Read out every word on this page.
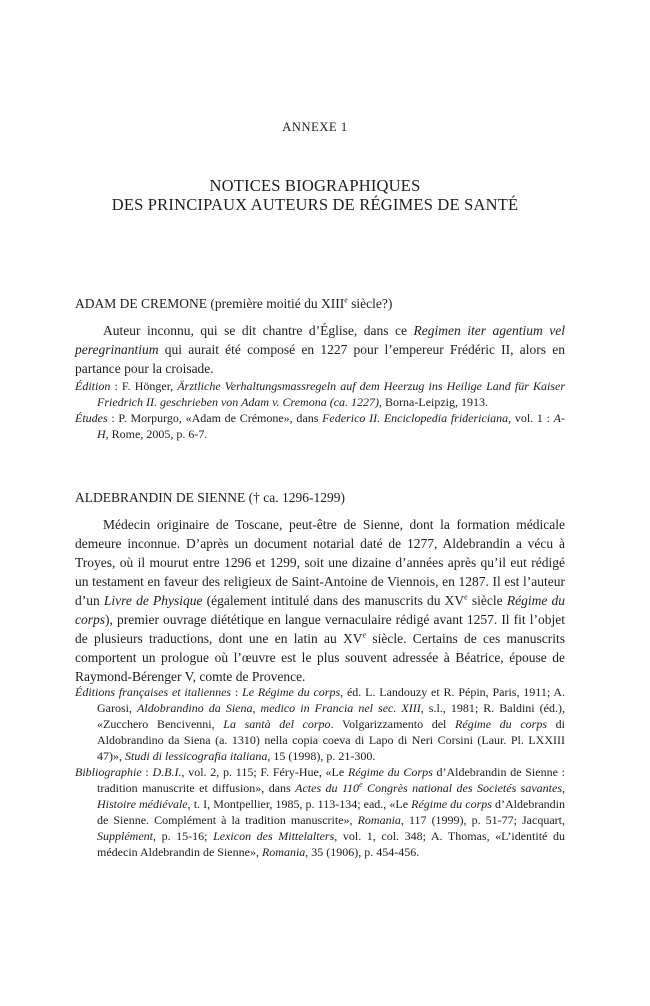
ANNEXE 1
NOTICES BIOGRAPHIQUES
DES PRINCIPAUX AUTEURS DE RÉGIMES DE SANTÉ
ADAM DE CREMONE (première moitié du XIIIe siècle?)

Auteur inconnu, qui se dit chantre d’Église, dans ce Regimen iter agentium vel peregrinantium qui aurait été composé en 1227 pour l’empereur Frédéric II, alors en partance pour la croisade.

Édition : F. Hönger, Ärztliche Verhaltungsmassregeln auf dem Heerzug ins Heilige Land für Kaiser Friedrich II. geschrieben von Adam v. Cremona (ca. 1227), Borna-Leipzig, 1913.

Études : P. Morpurgo, «Adam de Crémone», dans Federico II. Enciclopedia fridericiana, vol. 1 : A-H, Rome, 2005, p. 6-7.

ALDEBRANDIN DE SIENNE († ca. 1296-1299)

Médecin originaire de Toscane, peut-être de Sienne, dont la formation médicale demeure inconnue. D’après un document notarial daté de 1277, Aldebrandin a vécu à Troyes, où il mourut entre 1296 et 1299, soit une dizaine d’années après qu’il eut rédigé un testament en faveur des religieux de Saint-Antoine de Viennois, en 1287. Il est l’auteur d’un Livre de Physique (également intitulé dans des manuscrits du XVe siècle Régime du corps), premier ouvrage diététique en langue vernaculaire rédigé avant 1257. Il fit l’objet de plusieurs traductions, dont une en latin au XVe siècle. Certains de ces manuscrits comportent un prologue où l’œuvre est le plus souvent adressée à Béatrice, épouse de Raymond-Bérenger V, comte de Provence.

Éditions françaises et italiennes : Le Régime du corps, éd. L. Landouzy et R. Pépin, Paris, 1911; A. Garosi, Aldobrandino da Siena, medico in Francia nel sec. XIII, s.l., 1981; R. Baldini (éd.), «Zucchero Bencivenni, La santà del corpo. Volgarizzamento del Régime du corps di Aldobrandino da Siena (a. 1310) nella copia coeva di Lapo di Neri Corsini (Laur. Pl. LXXIII 47)», Studi di lessicografia italiana, 15 (1998), p. 21-300.

Bibliographie : D.B.I., vol. 2, p. 115; F. Féry-Hue, «Le Régime du Corps d’Aldebrandin de Sienne : tradition manuscrite et diffusion», dans Actes du 110e Congrès national des Societés savantes, Histoire médiévale, t. I, Montpellier, 1985, p. 113-134; ead., «Le Régime du corps d’Aldebrandin de Sienne. Complément à la tradition manuscrite», Romania, 117 (1999), p. 51-77; Jacquart, Supplément, p. 15-16; Lexicon des Mittelalters, vol. 1, col. 348; A. Thomas, «L’identité du médecin Aldebrandin de Sienne», Romania, 35 (1906), p. 454-456.
